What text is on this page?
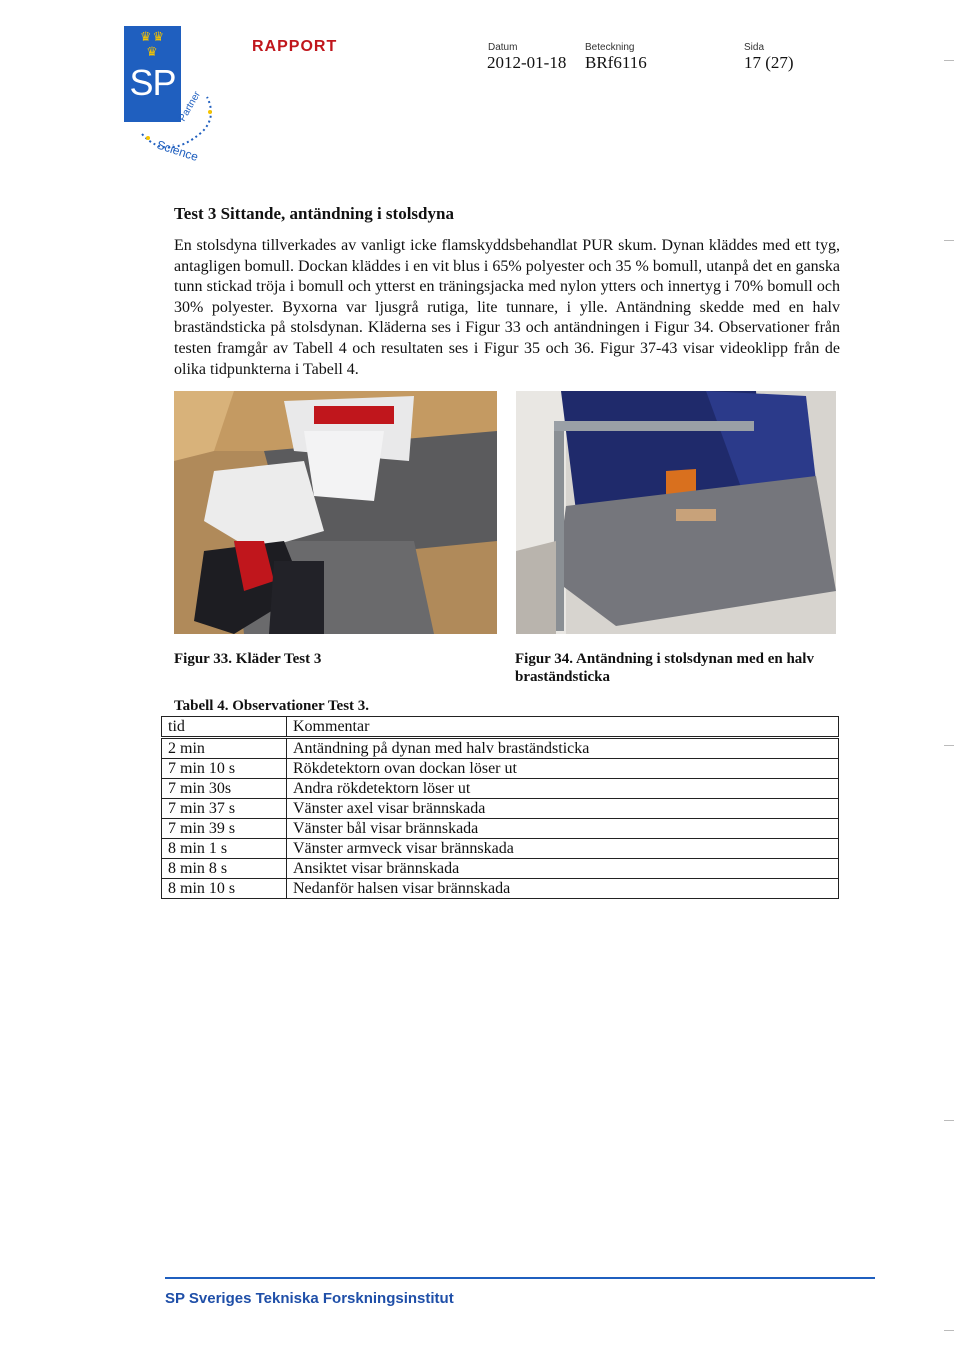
♛♛
♛
SP
Science
Partner
RAPPORT	Datum
2012-01-18
Beteckning
BRf6116
Sida
17 (27)
Test 3 Sittande, antändning i stolsdyna

En stolsdyna tillverkades av vanligt icke flamskyddsbehandlat PUR skum. Dynan kläddes med ett tyg, antagligen bomull. Dockan kläddes i en vit blus i 65% polyester och 35 % bomull, utanpå det en ganska tunn stickad tröja i bomull och ytterst en träningsjacka med nylon ytters och innertyg i 70% bomull och 30% polyester. Byxorna var ljusgrå rutiga, lite tunnare, i ylle. Antändning skedde med en halv braständsticka på stolsdynan. Kläderna ses i Figur 33 och antändningen i Figur 34. Observationer från testen framgår av Tabell 4 och resultaten ses i Figur 35 och 36. Figur 37-43 visar videoklipp från de olika tidpunkterna i Tabell 4.

Figur 33. Kläder Test 3	Figur 34. Antändning i stolsdynan med en halv braständsticka
Tabell 4. Observationer Test 3.
tid	Kommentar
2 min	Antändning på dynan med halv braständsticka
7 min 10 s	Rökdetektorn ovan dockan löser ut
7 min 30s	Andra rökdetektorn löser ut
7 min 37 s	Vänster axel visar brännskada
7 min 39 s	Vänster bål visar brännskada
8 min 1 s	Vänster armveck visar brännskada
8 min 8 s	Ansiktet visar brännskada
8 min 10 s	Nedanför halsen visar brännskada
SP Sveriges Tekniska Forskningsinstitut
